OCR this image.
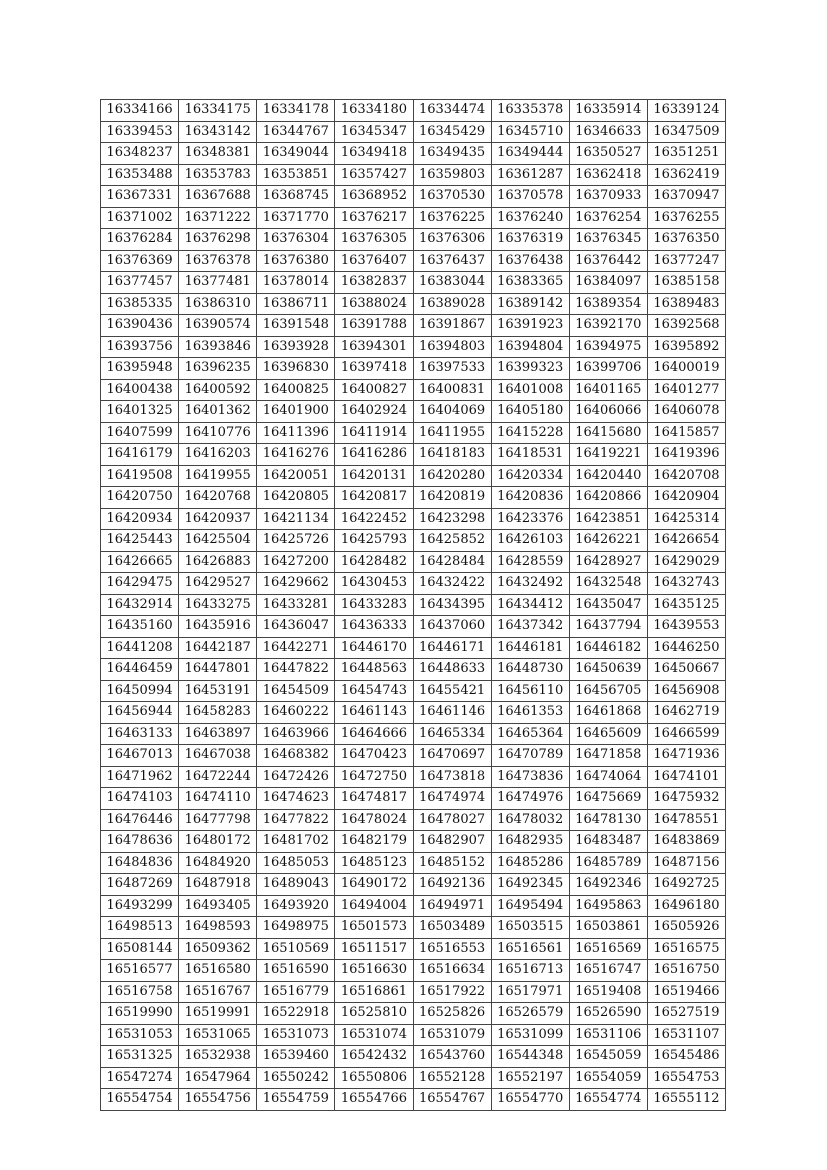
16334166	16334175	16334178	16334180	16334474	16335378	16335914	16339124
16339453	16343142	16344767	16345347	16345429	16345710	16346633	16347509
16348237	16348381	16349044	16349418	16349435	16349444	16350527	16351251
16353488	16353783	16353851	16357427	16359803	16361287	16362418	16362419
16367331	16367688	16368745	16368952	16370530	16370578	16370933	16370947
16371002	16371222	16371770	16376217	16376225	16376240	16376254	16376255
16376284	16376298	16376304	16376305	16376306	16376319	16376345	16376350
16376369	16376378	16376380	16376407	16376437	16376438	16376442	16377247
16377457	16377481	16378014	16382837	16383044	16383365	16384097	16385158
16385335	16386310	16386711	16388024	16389028	16389142	16389354	16389483
16390436	16390574	16391548	16391788	16391867	16391923	16392170	16392568
16393756	16393846	16393928	16394301	16394803	16394804	16394975	16395892
16395948	16396235	16396830	16397418	16397533	16399323	16399706	16400019
16400438	16400592	16400825	16400827	16400831	16401008	16401165	16401277
16401325	16401362	16401900	16402924	16404069	16405180	16406066	16406078
16407599	16410776	16411396	16411914	16411955	16415228	16415680	16415857
16416179	16416203	16416276	16416286	16418183	16418531	16419221	16419396
16419508	16419955	16420051	16420131	16420280	16420334	16420440	16420708
16420750	16420768	16420805	16420817	16420819	16420836	16420866	16420904
16420934	16420937	16421134	16422452	16423298	16423376	16423851	16425314
16425443	16425504	16425726	16425793	16425852	16426103	16426221	16426654
16426665	16426883	16427200	16428482	16428484	16428559	16428927	16429029
16429475	16429527	16429662	16430453	16432422	16432492	16432548	16432743
16432914	16433275	16433281	16433283	16434395	16434412	16435047	16435125
16435160	16435916	16436047	16436333	16437060	16437342	16437794	16439553
16441208	16442187	16442271	16446170	16446171	16446181	16446182	16446250
16446459	16447801	16447822	16448563	16448633	16448730	16450639	16450667
16450994	16453191	16454509	16454743	16455421	16456110	16456705	16456908
16456944	16458283	16460222	16461143	16461146	16461353	16461868	16462719
16463133	16463897	16463966	16464666	16465334	16465364	16465609	16466599
16467013	16467038	16468382	16470423	16470697	16470789	16471858	16471936
16471962	16472244	16472426	16472750	16473818	16473836	16474064	16474101
16474103	16474110	16474623	16474817	16474974	16474976	16475669	16475932
16476446	16477798	16477822	16478024	16478027	16478032	16478130	16478551
16478636	16480172	16481702	16482179	16482907	16482935	16483487	16483869
16484836	16484920	16485053	16485123	16485152	16485286	16485789	16487156
16487269	16487918	16489043	16490172	16492136	16492345	16492346	16492725
16493299	16493405	16493920	16494004	16494971	16495494	16495863	16496180
16498513	16498593	16498975	16501573	16503489	16503515	16503861	16505926
16508144	16509362	16510569	16511517	16516553	16516561	16516569	16516575
16516577	16516580	16516590	16516630	16516634	16516713	16516747	16516750
16516758	16516767	16516779	16516861	16517922	16517971	16519408	16519466
16519990	16519991	16522918	16525810	16525826	16526579	16526590	16527519
16531053	16531065	16531073	16531074	16531079	16531099	16531106	16531107
16531325	16532938	16539460	16542432	16543760	16544348	16545059	16545486
16547274	16547964	16550242	16550806	16552128	16552197	16554059	16554753
16554754	16554756	16554759	16554766	16554767	16554770	16554774	16555112
